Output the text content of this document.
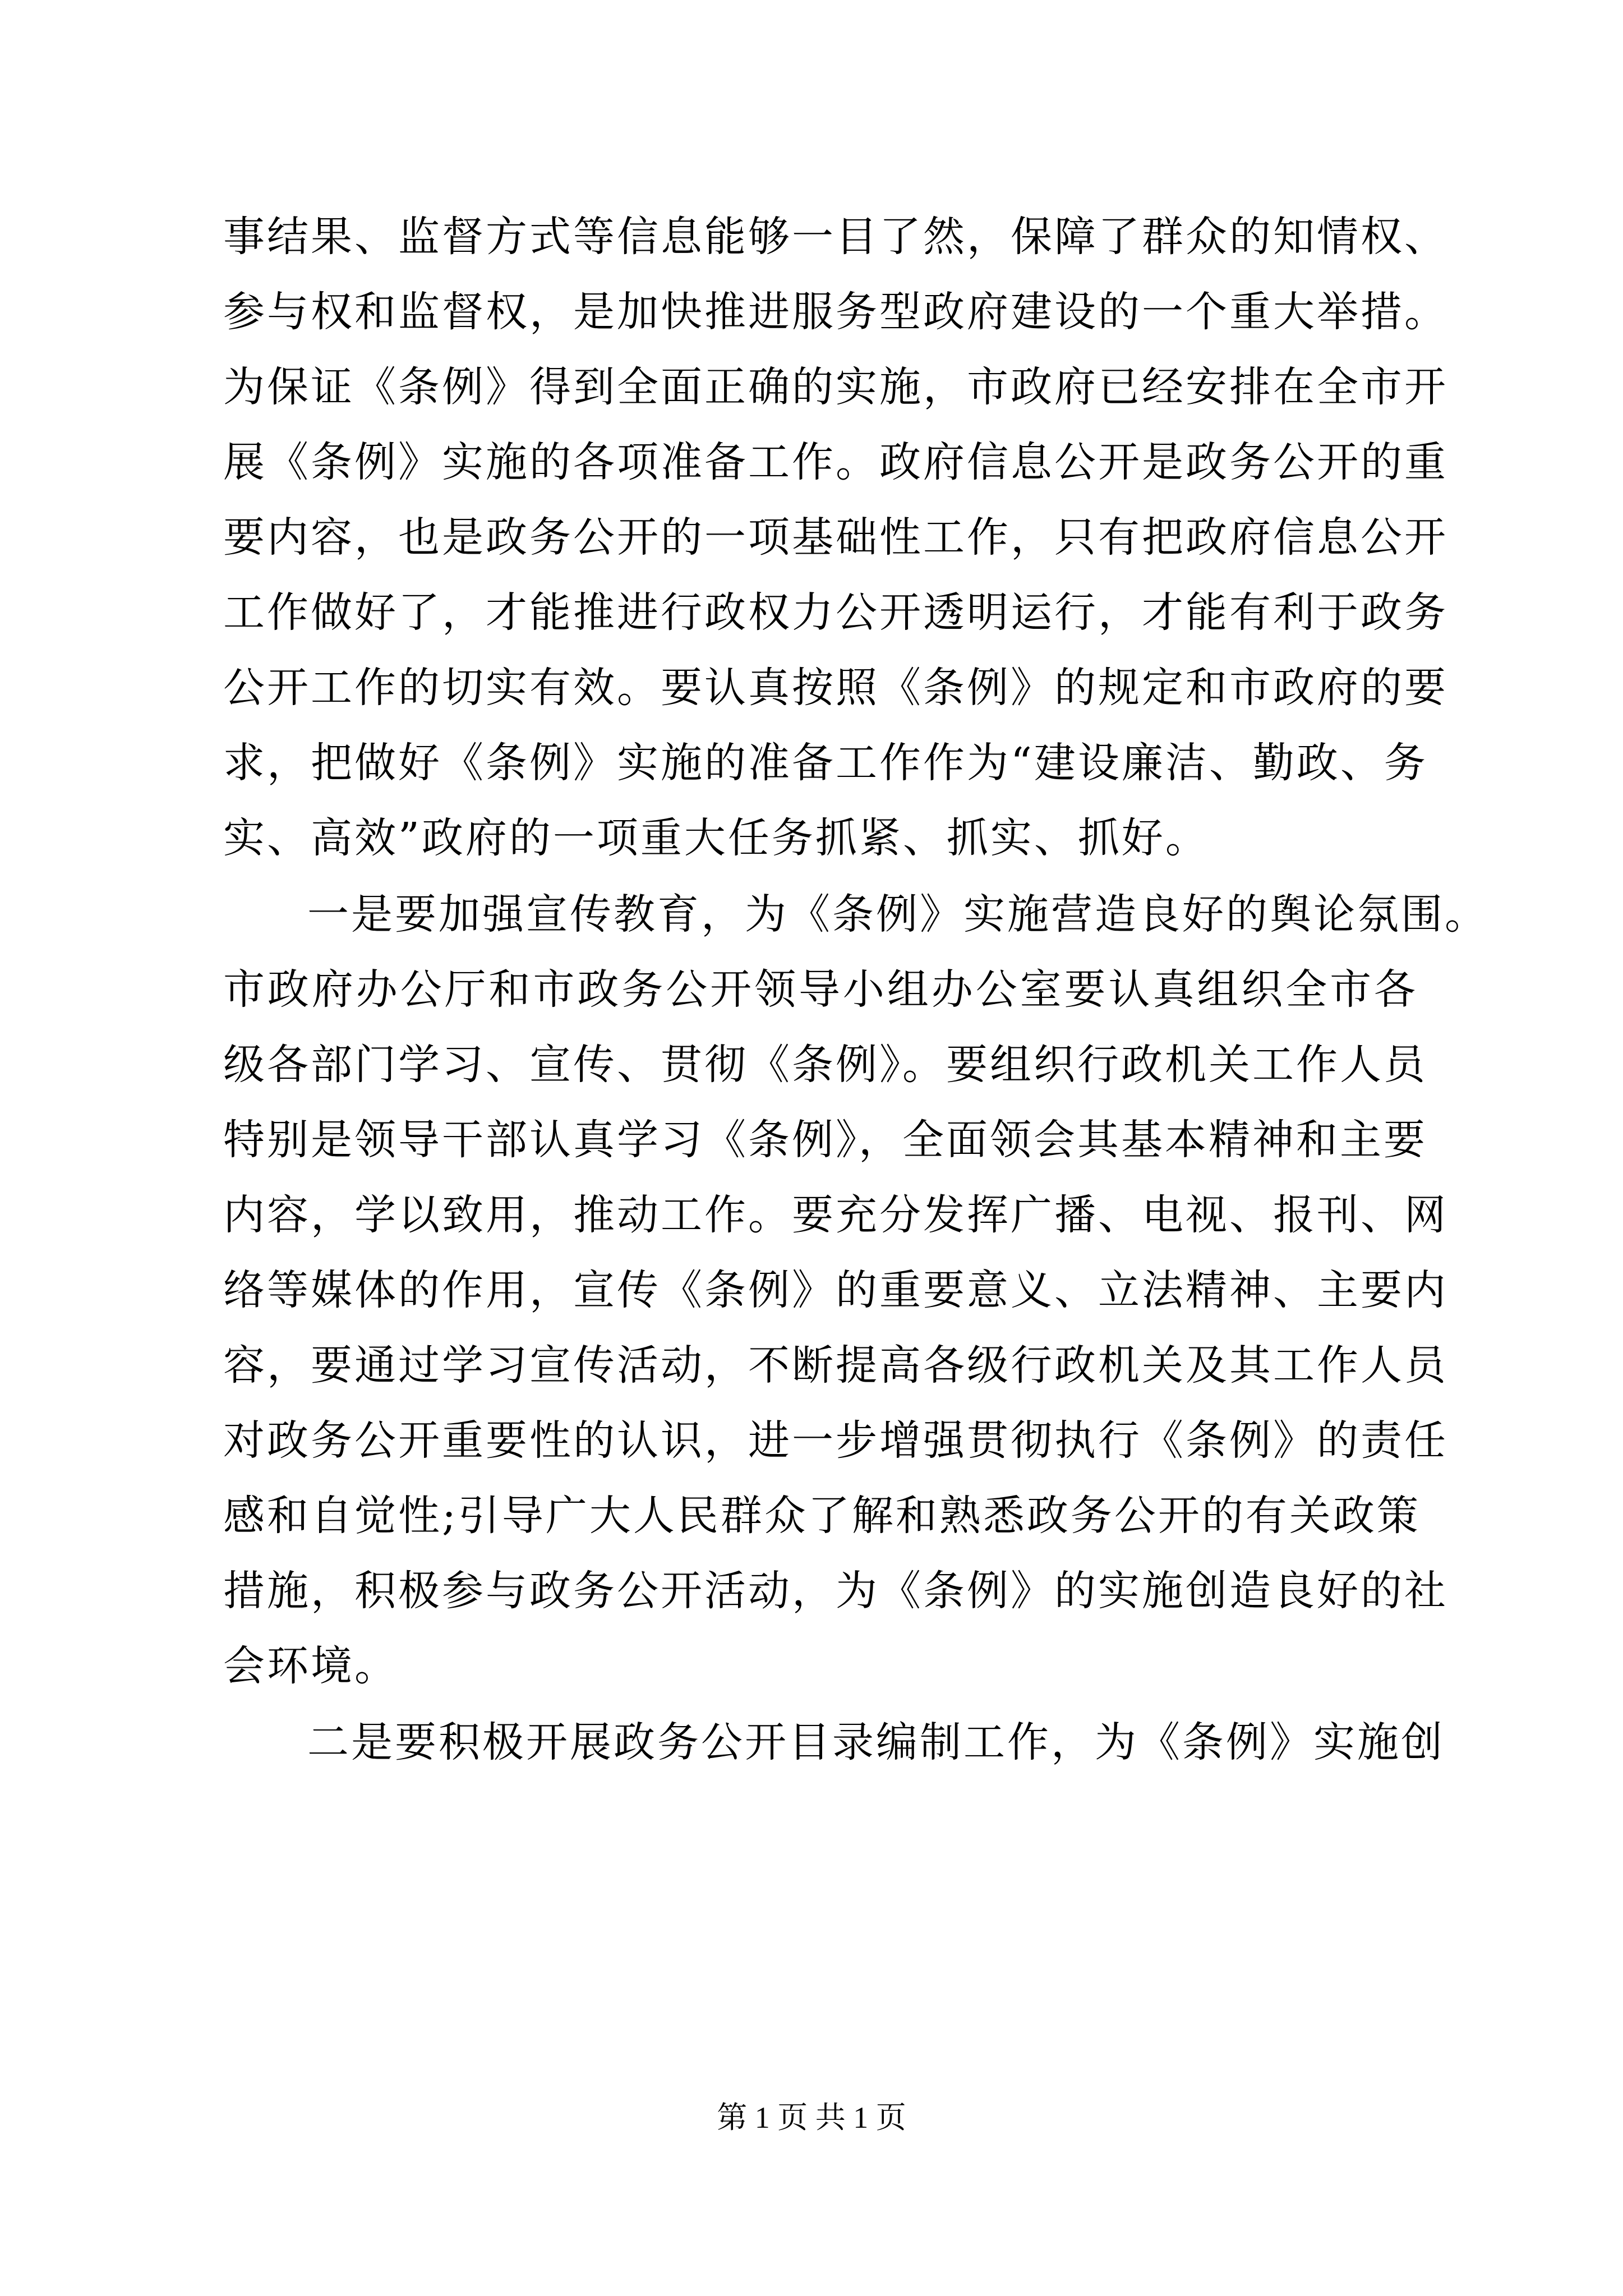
事结果、监督方式等信息能够一目了然，保障了群众的知情权、
参与权和监督权，是加快推进服务型政府建设的一个重大举措。
为保证《条例》得到全面正确的实施，市政府已经安排在全市开
展《条例》实施的各项准备工作。政府信息公开是政务公开的重
要内容，也是政务公开的一项基础性工作，只有把政府信息公开
工作做好了，才能推进行政权力公开透明运行，才能有利于政务
公开工作的切实有效。要认真按照《条例》的规定和市政府的要
求，把做好《条例》实施的准备工作作为“建设廉洁、勤政、务
实、高效”政府的一项重大任务抓紧、抓实、抓好。
一是要加强宣传教育，为《条例》实施营造良好的舆论氛围。
市政府办公厅和市政务公开领导小组办公室要认真组织全市各
级各部门学习、宣传、贯彻《条例》。要组织行政机关工作人员
特别是领导干部认真学习《条例》，全面领会其基本精神和主要
内容，学以致用，推动工作。要充分发挥广播、电视、报刊、网
络等媒体的作用，宣传《条例》的重要意义、立法精神、主要内
容，要通过学习宣传活动，不断提高各级行政机关及其工作人员
对政务公开重要性的认识，进一步增强贯彻执行《条例》的责任
感和自觉性;引导广大人民群众了解和熟悉政务公开的有关政策
措施，积极参与政务公开活动，为《条例》的实施创造良好的社
会环境。
二是要积极开展政务公开目录编制工作，为《条例》实施创
第 1 页 共 1 页
